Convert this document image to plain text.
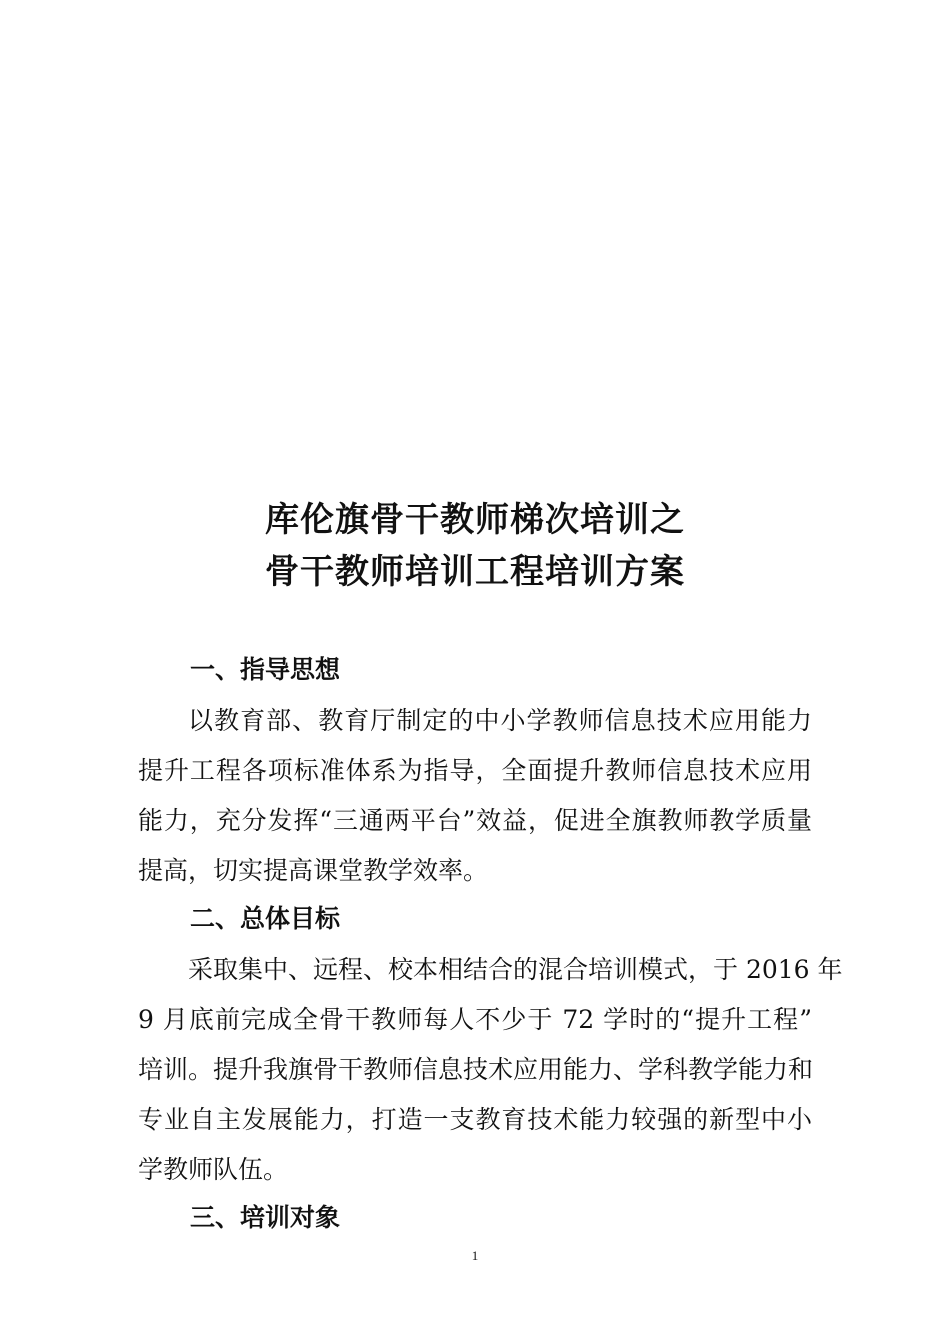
库伦旗骨干教师梯次培训之
骨干教师培训工程培训方案
一、指导思想
以教育部、教育厅制定的中小学教师信息技术应用能力
提升工程各项标准体系为指导，全面提升教师信息技术应用
能力，充分发挥“三通两平台”效益，促进全旗教师教学质量
提高，切实提高课堂教学效率。
二、总体目标
采取集中、远程、校本相结合的混合培训模式，于 2016 年
9 月底前完成全骨干教师每人不少于 72 学时的“提升工程”
培训。提升我旗骨干教师信息技术应用能力、学科教学能力和
专业自主发展能力，打造一支教育技术能力较强的新型中小
学教师队伍。
三、培训对象
1
